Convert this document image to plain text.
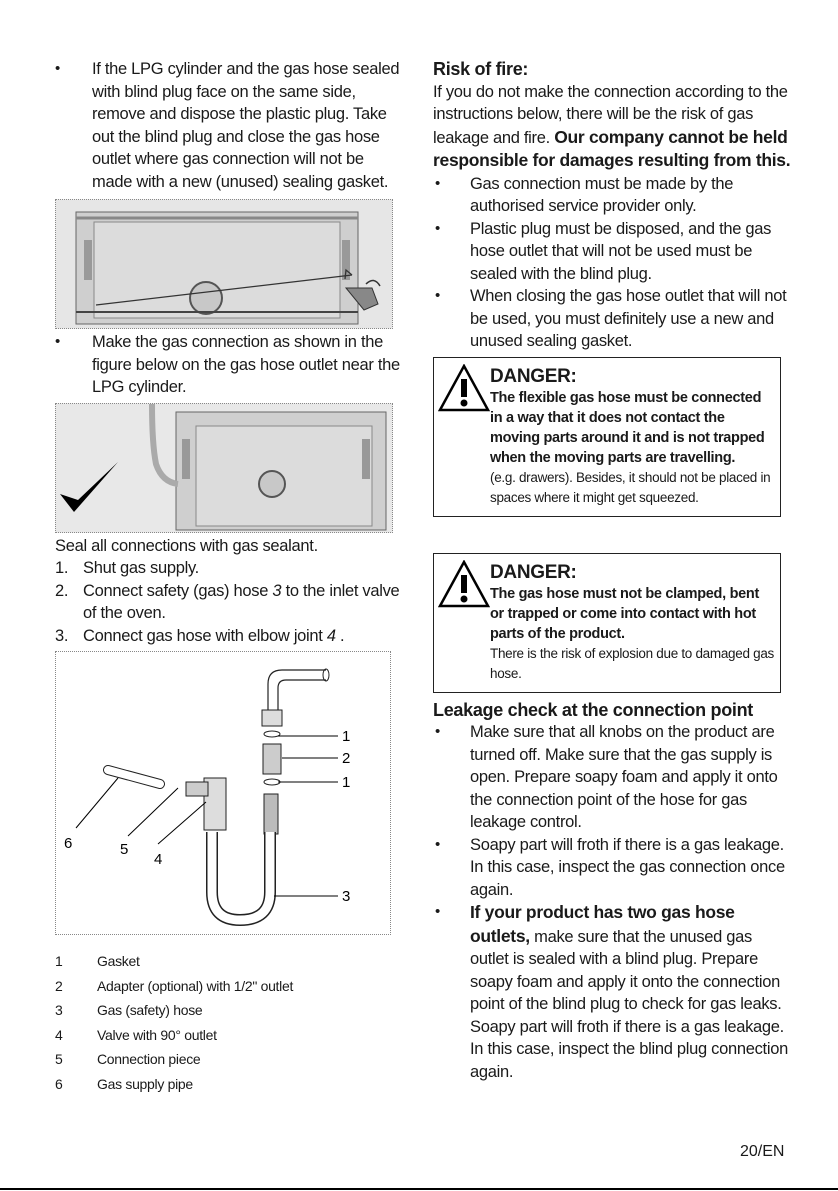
• If the LPG cylinder and the gas hose sealed with blind plug face on the same side, remove and dispose the plastic plug. Take out the blind plug and close the gas hose outlet where gas connection will not be made with a new (unused) sealing gasket.
• Make the gas connection as shown in the figure below on the gas hose outlet near the LPG cylinder.
Seal all connections with gas sealant.
1. Shut gas supply.
2. Connect safety (gas) hose 3 to the inlet valve of the oven.
3. Connect gas hose with elbow joint 4 .
1
2
1
3
4
5
6
1	Gasket
2	Adapter (optional) with 1/2" outlet
3	Gas (safety) hose
4	Valve with 90° outlet
5	Connection piece
6	Gas supply pipe
Risk of fire:
If you do not make the connection according to the instructions below, there will be the risk of gas leakage and fire. Our company cannot be held responsible for damages resulting from this.
• Gas connection must be made by the authorised service provider only.
• Plastic plug must be disposed, and the gas hose outlet that will not be used must be sealed with the blind plug.
• When closing the gas hose outlet that will not be used, you must definitely use a new and unused sealing gasket.
DANGER:
The flexible gas hose must be connected in a way that it does not contact the moving parts around it and is not trapped when the moving parts are travelling.
(e.g. drawers). Besides, it should not be placed in spaces where it might get squeezed.
DANGER:
The gas hose must not be clamped, bent or trapped or come into contact with hot parts of the product.
There is the risk of explosion due to damaged gas hose.
Leakage check at the connection point
• Make sure that all knobs on the product are turned off. Make sure that the gas supply is open. Prepare soapy foam and apply it onto the connection point of the hose for gas leakage control.
• Soapy part will froth if there is a gas leakage. In this case, inspect the gas connection once again.
• If your product has two gas hose outlets, make sure that the unused gas outlet is sealed with a blind plug. Prepare soapy foam and apply it onto the connection point of the blind plug to check for gas leaks. Soapy part will froth if there is a gas leakage. In this case, inspect the blind plug connection again.
20/EN
